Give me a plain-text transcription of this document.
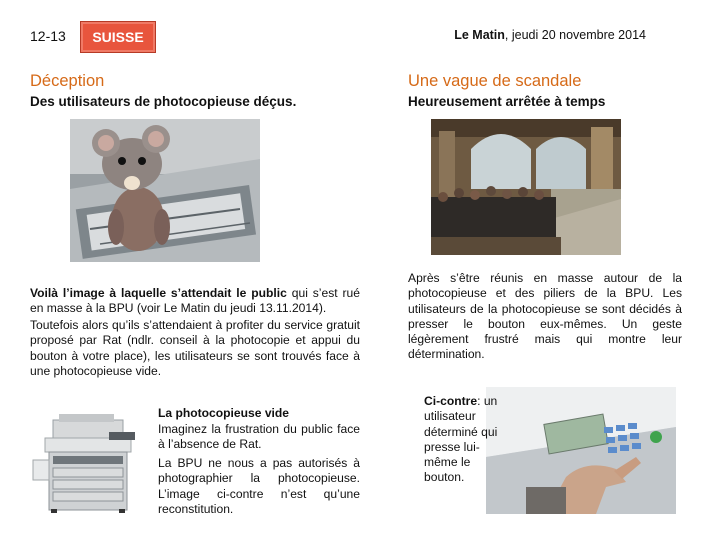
12-13	SUISSE	Le Matin, jeudi 20 novembre 2014
Déception
Des utilisateurs de photocopieuse déçus.
Voilà l’image à laquelle s’attendait le public qui s’est rué en masse à la BPU (voir Le Matin du jeudi 13.11.2014).
Toutefois alors qu’ils s’attendaient à profiter du service gratuit proposé par Rat (ndlr. conseil à la photocopie et appui du bouton à votre place), les utilisateurs se sont trouvés face à une photocopieuse vide.
La photocopieuse vide
Imaginez la frustration du public face à l’absence de Rat.
La BPU ne nous a pas autorisés à photographier la photocopieuse. L’image ci-contre n’est qu’une reconstitution.
Une vague de scandale
Heureusement arrêtée à temps
Après s’être réunis en masse autour de la photocopieuse et des piliers de la BPU. Les utilisateurs de la photocopieuse se sont décidés à presser le bouton eux-mêmes. Un geste légèrement frustré mais qui montre leur détermination.
Ci-contre: un utilisateur déterminé qui presse lui-même le bouton.
